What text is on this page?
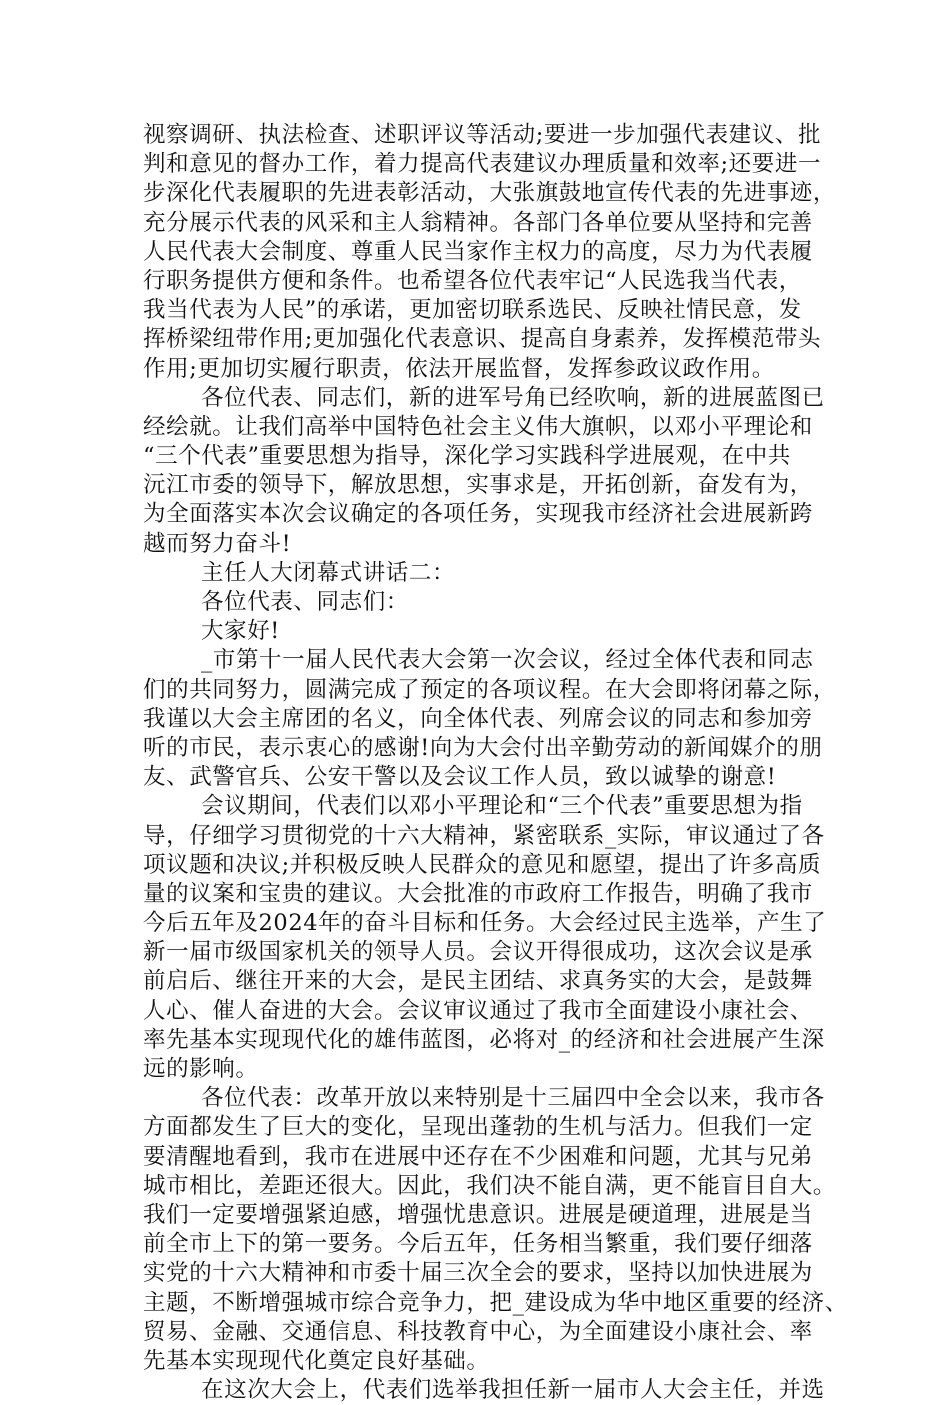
视察调研、执法检查、述职评议等活动;要进一步加强代表建议、批
判和意见的督办工作，着力提高代表建议办理质量和效率;还要进一
步深化代表履职的先进表彰活动，大张旗鼓地宣传代表的先进事迹，
充分展示代表的风采和主人翁精神。各部门各单位要从坚持和完善
人民代表大会制度、尊重人民当家作主权力的高度，尽力为代表履
行职务提供方便和条件。也希望各位代表牢记“人民选我当代表，
我当代表为人民”的承诺，更加密切联系选民、反映社情民意，发
挥桥梁纽带作用;更加强化代表意识、提高自身素养，发挥模范带头
作用;更加切实履行职责，依法开展监督，发挥参政议政作用。
各位代表、同志们，新的进军号角已经吹响，新的进展蓝图已
经绘就。让我们高举中国特色社会主义伟大旗帜，以邓小平理论和
“三个代表”重要思想为指导，深化学习实践科学进展观，在中共
沅江市委的领导下，解放思想，实事求是，开拓创新，奋发有为，
为全面落实本次会议确定的各项任务，实现我市经济社会进展新跨
越而努力奋斗!
主任人大闭幕式讲话二：
各位代表、同志们：
大家好!
_市第十一届人民代表大会第一次会议，经过全体代表和同志
们的共同努力，圆满完成了预定的各项议程。在大会即将闭幕之际，
我谨以大会主席团的名义，向全体代表、列席会议的同志和参加旁
听的市民，表示衷心的感谢!向为大会付出辛勤劳动的新闻媒介的朋
友、武警官兵、公安干警以及会议工作人员，致以诚挚的谢意!
会议期间，代表们以邓小平理论和“三个代表”重要思想为指
导，仔细学习贯彻党的十六大精神，紧密联系_实际，审议通过了各
项议题和决议;并积极反映人民群众的意见和愿望，提出了许多高质
量的议案和宝贵的建议。大会批准的市政府工作报告，明确了我市
今后五年及2024年的奋斗目标和任务。大会经过民主选举，产生了
新一届市级国家机关的领导人员。会议开得很成功，这次会议是承
前启后、继往开来的大会，是民主团结、求真务实的大会，是鼓舞
人心、催人奋进的大会。会议审议通过了我市全面建设小康社会、
率先基本实现现代化的雄伟蓝图，必将对_的经济和社会进展产生深
远的影响。
各位代表：改革开放以来特别是十三届四中全会以来，我市各
方面都发生了巨大的变化，呈现出蓬勃的生机与活力。但我们一定
要清醒地看到，我市在进展中还存在不少困难和问题，尤其与兄弟
城市相比，差距还很大。因此，我们决不能自满，更不能盲目自大。
我们一定要增强紧迫感，增强忧患意识。进展是硬道理，进展是当
前全市上下的第一要务。今后五年，任务相当繁重，我们要仔细落
实党的十六大精神和市委十届三次全会的要求，坚持以加快进展为
主题，不断增强城市综合竞争力，把_建设成为华中地区重要的经济、
贸易、金融、交通信息、科技教育中心，为全面建设小康社会、率
先基本实现现代化奠定良好基础。
在这次大会上，代表们选举我担任新一届市人大会主任，并选
